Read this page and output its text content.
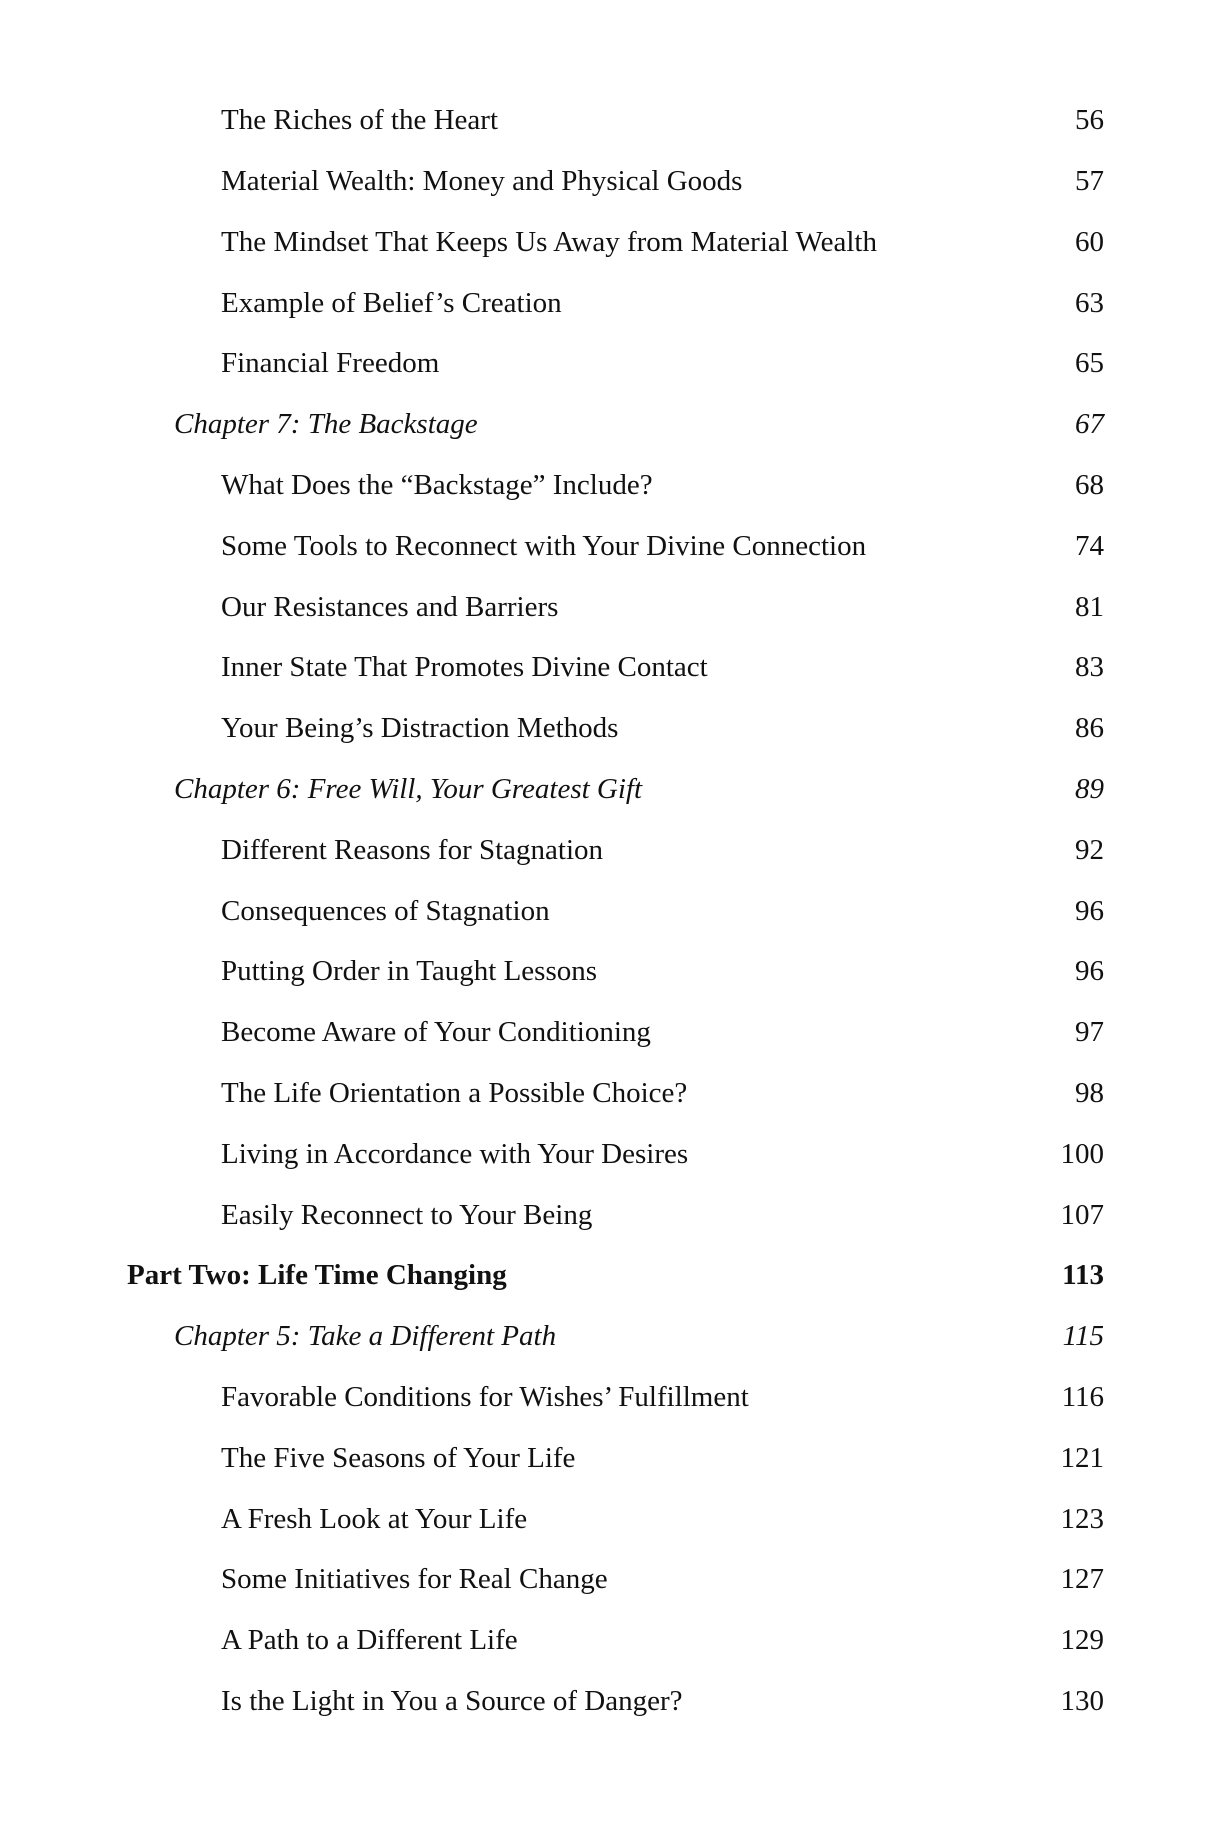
The Riches of the Heart	56
Material Wealth: Money and Physical Goods	57
The Mindset That Keeps Us Away from Material Wealth	60
Example of Belief’s Creation	63
Financial Freedom	65
Chapter 7: The Backstage	67
What Does the “Backstage” Include?	68
Some Tools to Reconnect with Your Divine Connection	74
Our Resistances and Barriers	81
Inner State That Promotes Divine Contact	83
Your Being’s Distraction Methods	86
Chapter 6: Free Will, Your Greatest Gift	89
Different Reasons for Stagnation	92
Consequences of Stagnation	96
Putting Order in Taught Lessons	96
Become Aware of Your Conditioning	97
The Life Orientation a Possible Choice?	98
Living in Accordance with Your Desires	100
Easily Reconnect to Your Being	107
Part Two: Life Time Changing	113
Chapter 5: Take a Different Path	115
Favorable Conditions for Wishes’ Fulfillment	116
The Five Seasons of Your Life	121
A Fresh Look at Your Life	123
Some Initiatives for Real Change	127
A Path to a Different Life	129
Is the Light in You a Source of Danger?	130
